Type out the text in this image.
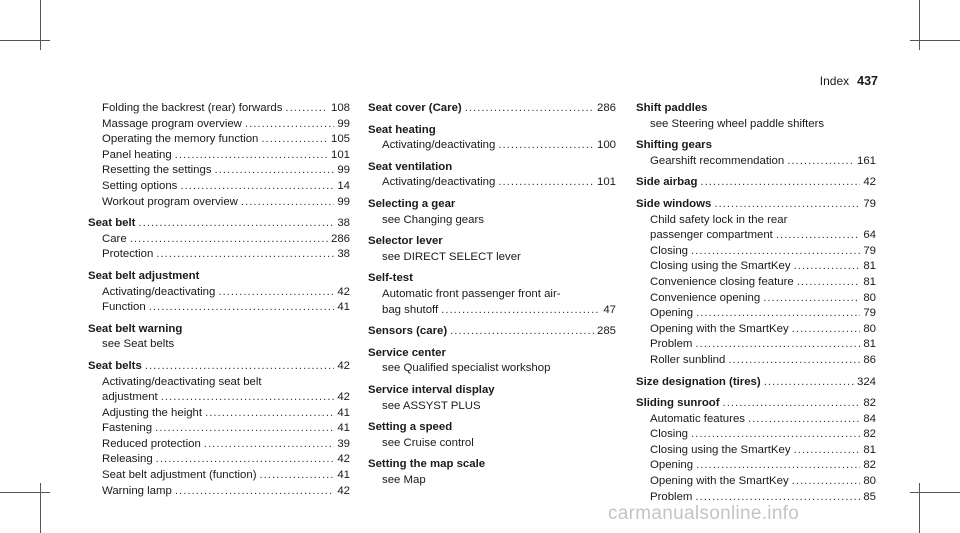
Index 437
Folding the backrest (rear) forwards .....	108
Massage program overview .....	99
Operating the memory function .....	105
Panel heating .....	101
Resetting the settings .....	99
Setting options .....	14
Workout program overview .....	99
Seat belt .....	38
Care .....	286
Protection .....	38
Seat belt adjustment
Activating/deactivating .....	42
Function .....	41
Seat belt warning
see Seat belts
Seat belts .....	42
Activating/deactivating seat belt
adjustment .....	42
Adjusting the height .....	41
Fastening .....	41
Reduced protection .....	39
Releasing .....	42
Seat belt adjustment (function) .....	41
Warning lamp .....	42
Seat cover (Care) .....	286
Seat heating
Activating/deactivating .....	100
Seat ventilation
Activating/deactivating .....	101
Selecting a gear
see Changing gears
Selector lever
see DIRECT SELECT lever
Self-test
Automatic front passenger front air-
bag shutoff .....	47
Sensors (care) .....	285
Service center
see Qualified specialist workshop
Service interval display
see ASSYST PLUS
Setting a speed
see Cruise control
Setting the map scale
see Map
Shift paddles
see Steering wheel paddle shifters
Shifting gears
Gearshift recommendation .....	161
Side airbag .....	42
Side windows .....	79
Child safety lock in the rear
passenger compartment .....	64
Closing .....	79
Closing using the SmartKey .....	81
Convenience closing feature .....	81
Convenience opening .....	80
Opening .....	79
Opening with the SmartKey .....	80
Problem .....	81
Roller sunblind .....	86
Size designation (tires) .....	324
Sliding sunroof .....	82
Automatic features .....	84
Closing .....	82
Closing using the SmartKey .....	81
Opening .....	82
Opening with the SmartKey .....	80
Problem .....	85
carmanualsonline.info
